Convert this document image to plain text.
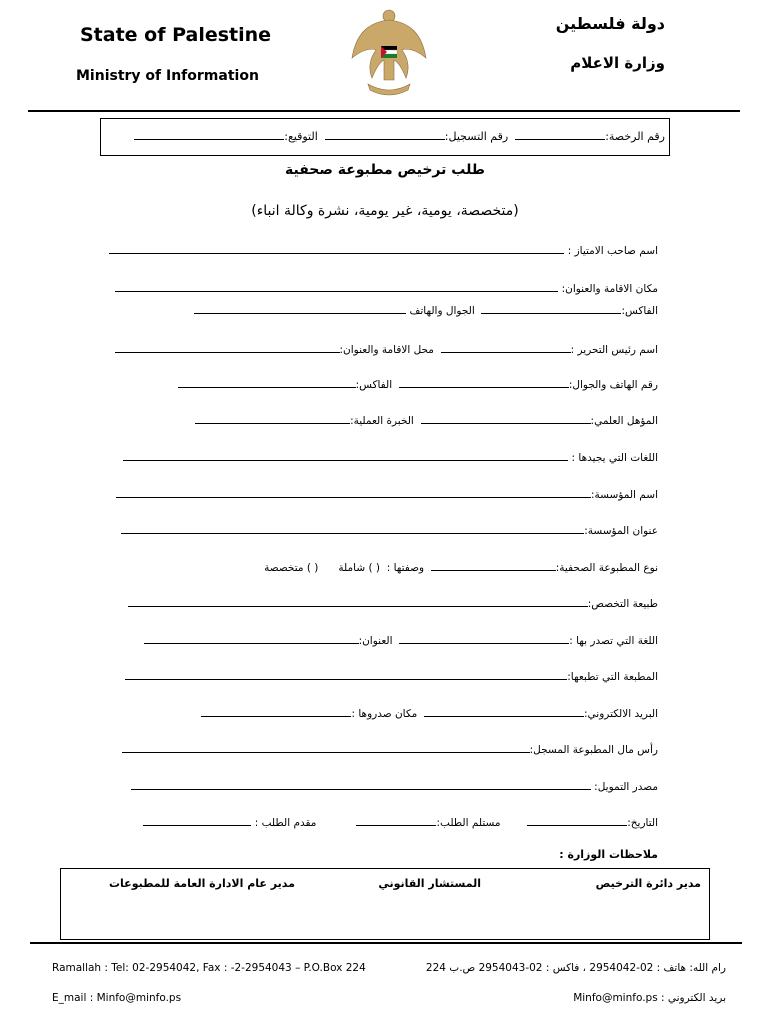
State of Palestine
Ministry of Information
دولة فلسطين
وزارة الاعلام
رقم الرخصة:  رقم التسجيل:  التوقيع:
طلب ترخيص مطبوعة صحفية
(متخصصة، يومية، غير يومية، نشرة وكالة انباء)
اسم صاحب الامتياز :
مكان الاقامة والعنوان:
الفاكس:  الجوال والهاتف
اسم رئيس التحرير :  محل الاقامة والعنوان:
رقم الهاتف والجوال:  الفاكس:
المؤهل العلمي:  الخبرة العملية:
اللغات التي يجيدها :
اسم المؤسسة:
عنوان المؤسسة:
نوع المطبوعة الصحفية:  وصفتها :  ( ) شاملة      ( ) متخصصة
طبيعة التخصص:
اللغة التي تصدر بها :  العنوان:
المطبعة التي تطبعها:
البريد الالكتروني:  مكان صدروها :
رأس مال المطبوعة المسجل:
مصدر التمويل:
التاريخ:        مستلم الطلب:            مقدم الطلب :
ملاحظات الوزارة :
مدير دائرة الترخيص
المستشار القانوني
مدير عام الادارة العامة للمطبوعات
Ramallah : Tel: 02-2954042, Fax : -2-2954043 – P.O.Box 224
E_mail : Minfo@minfo.ps
رام الله: هاتف : 02-2954042 ، فاكس : 02-2954043 ص.ب 224
بريد الكتروني : Minfo@minfo.ps
